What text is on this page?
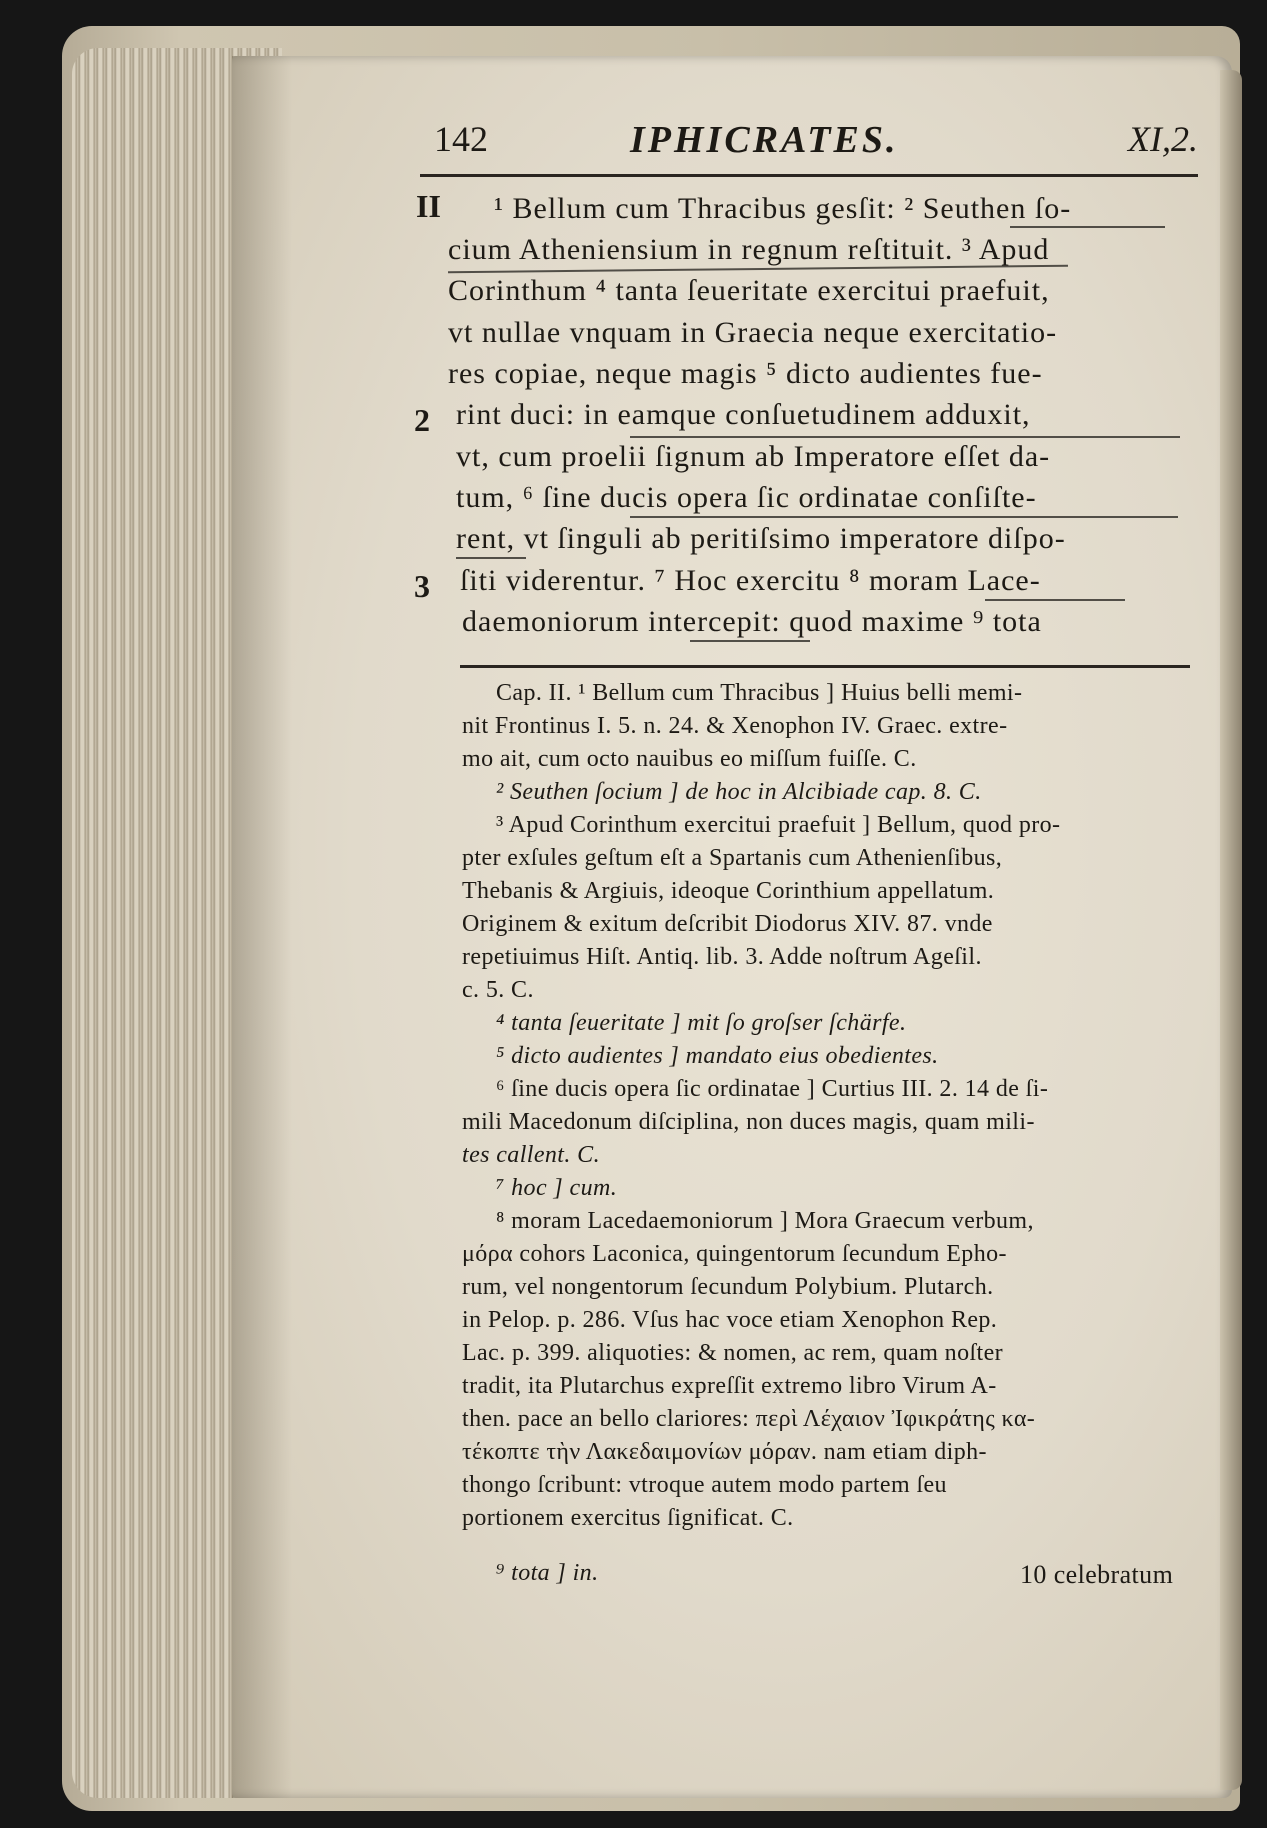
142	IPHICRATES.	XI,2.
II
2
3
¹ Bellum cum Thracibus gesſit: ² Seuthen ſo-
cium Atheniensium in regnum reſtituit. ³ Apud
Corinthum ⁴ tanta ſeueritate exercitui praefuit,
vt nullae vnquam in Graecia neque exercitatio-
res copiae, neque magis ⁵ dicto audientes fue-
rint duci: in eamque conſuetudinem adduxit,
vt, cum proelii ſignum ab Imperatore eſſet da-
tum, ⁶ ſine ducis opera ſic ordinatae conſiſte-
rent, vt ſinguli ab peritiſsimo imperatore diſpo-
ſiti viderentur. ⁷ Hoc exercitu ⁸ moram Lace-
daemoniorum intercepit: quod maxime ⁹ tota
Cap. II. ¹ Bellum cum Thracibus ] Huius belli memi-
nit Frontinus I. 5. n. 24. & Xenophon IV. Graec. extre-
mo ait, cum octo nauibus eo miſſum fuiſſe. C.
² Seuthen ſocium ] de hoc in Alcibiade cap. 8. C.
³ Apud Corinthum exercitui praefuit ] Bellum, quod pro-
pter exſules geſtum eſt a Spartanis cum Athenienſibus,
Thebanis & Argiuis, ideoque Corinthium appellatum.
Originem & exitum deſcribit Diodorus XIV. 87. vnde
repetiuimus Hiſt. Antiq. lib. 3. Adde noſtrum Ageſil.
c. 5. C.
⁴ tanta ſeueritate ] mit ſo groſser ſchärfe.
⁵ dicto audientes ] mandato eius obedientes.
⁶ ſine ducis opera ſic ordinatae ] Curtius III. 2. 14 de ſi-
mili Macedonum diſciplina, non duces magis, quam mili-
tes callent. C.
⁷ hoc ] cum.
⁸ moram Lacedaemoniorum ] Mora Graecum verbum,
μόρα cohors Laconica, quingentorum ſecundum Epho-
rum, vel nongentorum ſecundum Polybium. Plutarch.
in Pelop. p. 286. Vſus hac voce etiam Xenophon Rep.
Lac. p. 399. aliquoties: & nomen, ac rem, quam noſter
tradit, ita Plutarchus expreſſit extremo libro Virum A-
then. pace an bello clariores: περὶ Λέχαιον Ἰφικράτης κα-
τέκοπτε τὴν Λακεδαιμονίων μόραν. nam etiam diph-
thongo ſcribunt: vtroque autem modo partem ſeu
portionem exercitus ſignificat. C.
⁹ tota ] in.	10 celebratum
